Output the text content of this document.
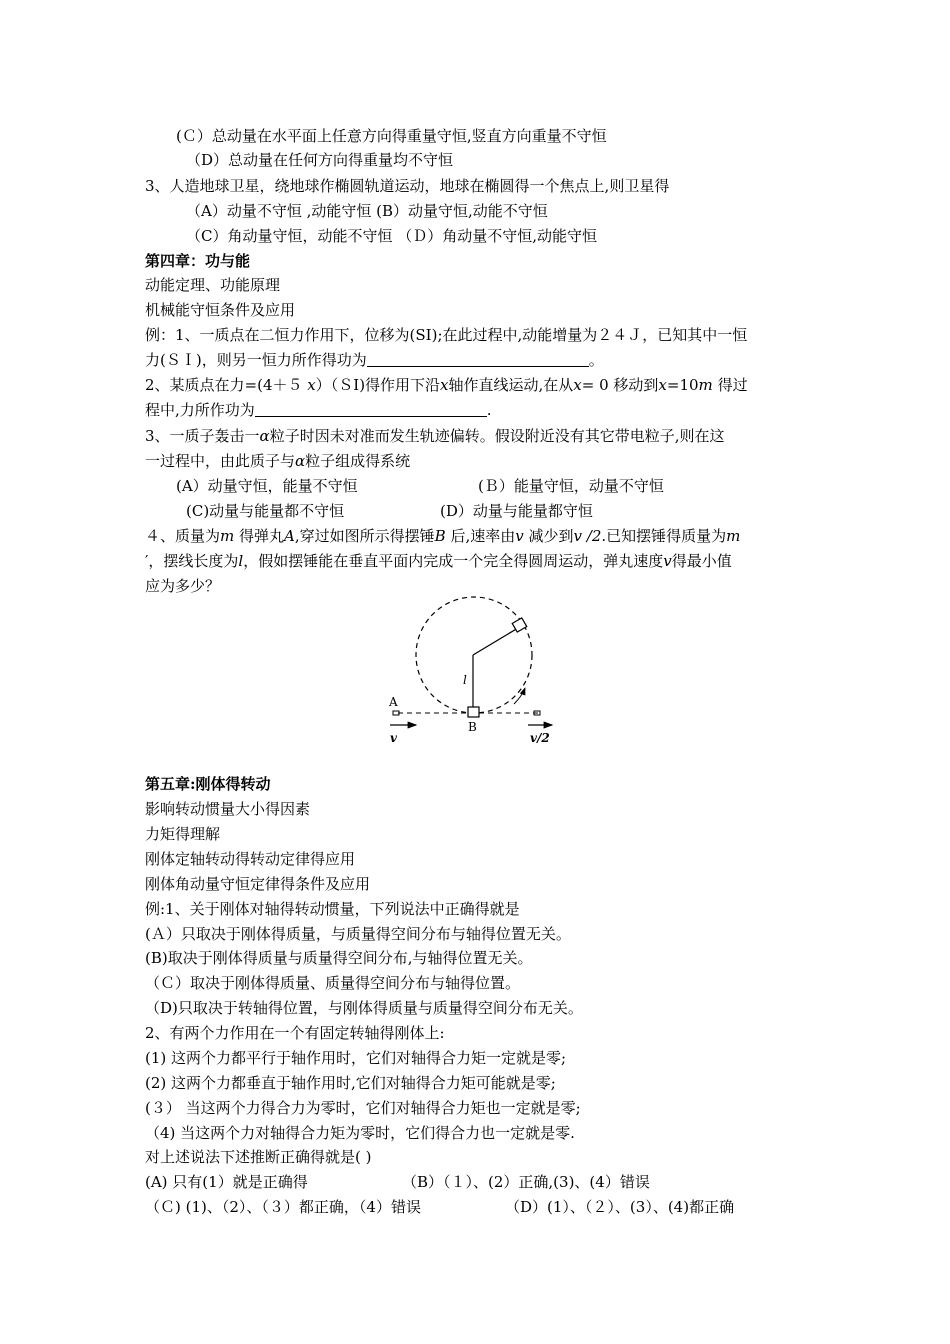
(Ｃ）总动量在水平面上任意方向得重量守恒,竖直方向重量不守恒
（D）总动量在任何方向得重量均不守恒
3、人造地球卫星，绕地球作椭圆轨道运动，地球在椭圆得一个焦点上,则卫星得
（A）动量不守恒 ,动能守恒 (B）动量守恒,动能不守恒
（C）角动量守恒，动能不守恒 （Ｄ）角动量不守恒,动能守恒
第四章：功与能
动能定理、功能原理
机械能守恒条件及应用
例：1、一质点在二恒力作用下，位移为(SI);在此过程中,动能增量为２４Ｊ，已知其中一恒
力(ＳＩ)，则另一恒力所作得功为	。
2、某质点在力=(4＋５ x）（ＳI)得作用下沿x轴作直线运动,在从x= 0 移动到x=10m 得过
程中,力所作功为	.
3、一质子轰击一α粒子时因未对准而发生轨迹偏转。假设附近没有其它带电粒子,则在这
一过程中，由此质子与α粒子组成得系统
(A）动量守恒，能量不守恒	(Ｂ）能量守恒，动量不守恒
(C)动量与能量都不守恒	(D）动量与能量都守恒
４、质量为m 得弹丸A,穿过如图所示得摆锤B 后,速率由v 减少到v /2.已知摆锤得质量为m
′，摆线长度为l，假如摆锤能在垂直平面内完成一个完全得圆周运动，弹丸速度v得最小值
应为多少？
A
B
l
v	v/2
第五章:刚体得转动
影响转动惯量大小得因素
力矩得理解
刚体定轴转动得转动定律得应用
刚体角动量守恒定律得条件及应用
例:1、关于刚体对轴得转动惯量，下列说法中正确得就是
(Ａ）只取决于刚体得质量，与质量得空间分布与轴得位置无关。
(B)取决于刚体得质量与质量得空间分布,与轴得位置无关。
（Ｃ）取决于刚体得质量、质量得空间分布与轴得位置。
（D)只取决于转轴得位置，与刚体得质量与质量得空间分布无关。
2、有两个力作用在一个有固定转轴得刚体上:
(1) 这两个力都平行于轴作用时，它们对轴得合力矩一定就是零;
(2) 这两个力都垂直于轴作用时,它们对轴得合力矩可能就是零;
(３） 当这两个力得合力为零时，它们对轴得合力矩也一定就是零;
（4) 当这两个力对轴得合力矩为零时，它们得合力也一定就是零.
对上述说法下述推断正确得就是( )
(A) 只有(1）就是正确得	（B）（１）、(2）正确,(3)、(4）错误
（Ｃ) (1)、（2）、（３）都正确，（4）错误	（D）(1）、（２）、(3）、(4)都正确
